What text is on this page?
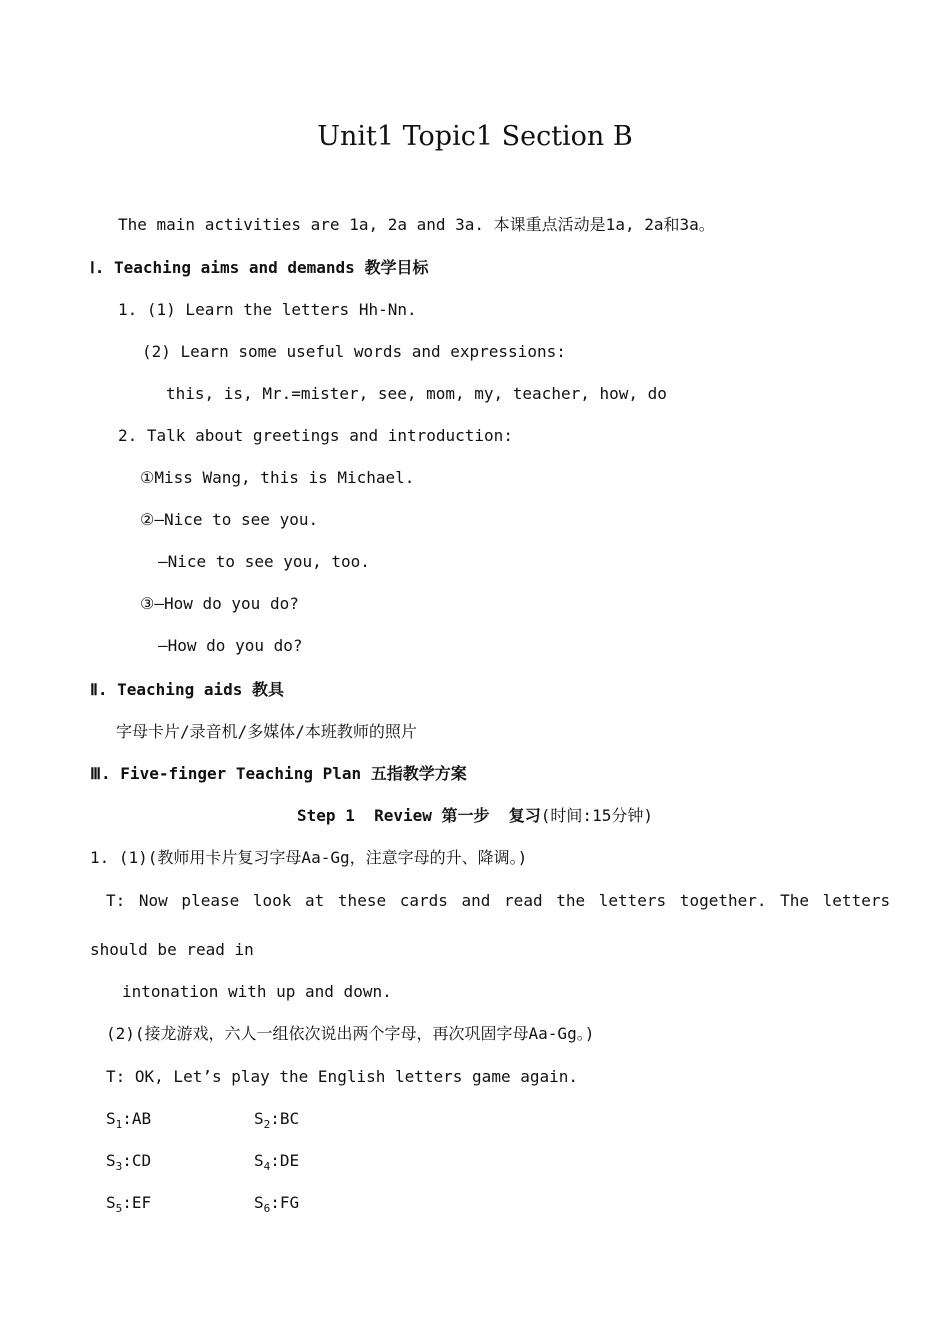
Unit1 Topic1 Section B
The main activities are 1a, 2a and 3a. 本课重点活动是1a, 2a和3a。
Ⅰ. Teaching aims and demands 教学目标
1. (1) Learn the letters Hh-Nn.
(2) Learn some useful words and expressions:
this, is, Mr.=mister, see, mom, my, teacher, how, do
2. Talk about greetings and introduction:
①Miss Wang, this is Michael.
②—Nice to see you.
—Nice to see you, too.
③—How do you do?
—How do you do?
Ⅱ. Teaching aids 教具
字母卡片/录音机/多媒体/本班教师的照片
Ⅲ. Five-finger Teaching Plan 五指教学方案
Step 1  Review 第一步  复习(时间:15分钟)
1. (1)(教师用卡片复习字母Aa-Gg，注意字母的升、降调。)
T: Now please look at these cards and read the letters together. The letters
should be read in
intonation with up and down.
(2)(接龙游戏，六人一组依次说出两个字母，再次巩固字母Aa-Gg。)
T: OK, Let’s play the English letters game again.
$S_1:AB$	$S_2:BC$
$S_3:CD$	$S_4:DE$
$S_5:EF$	$S_6:FG$
